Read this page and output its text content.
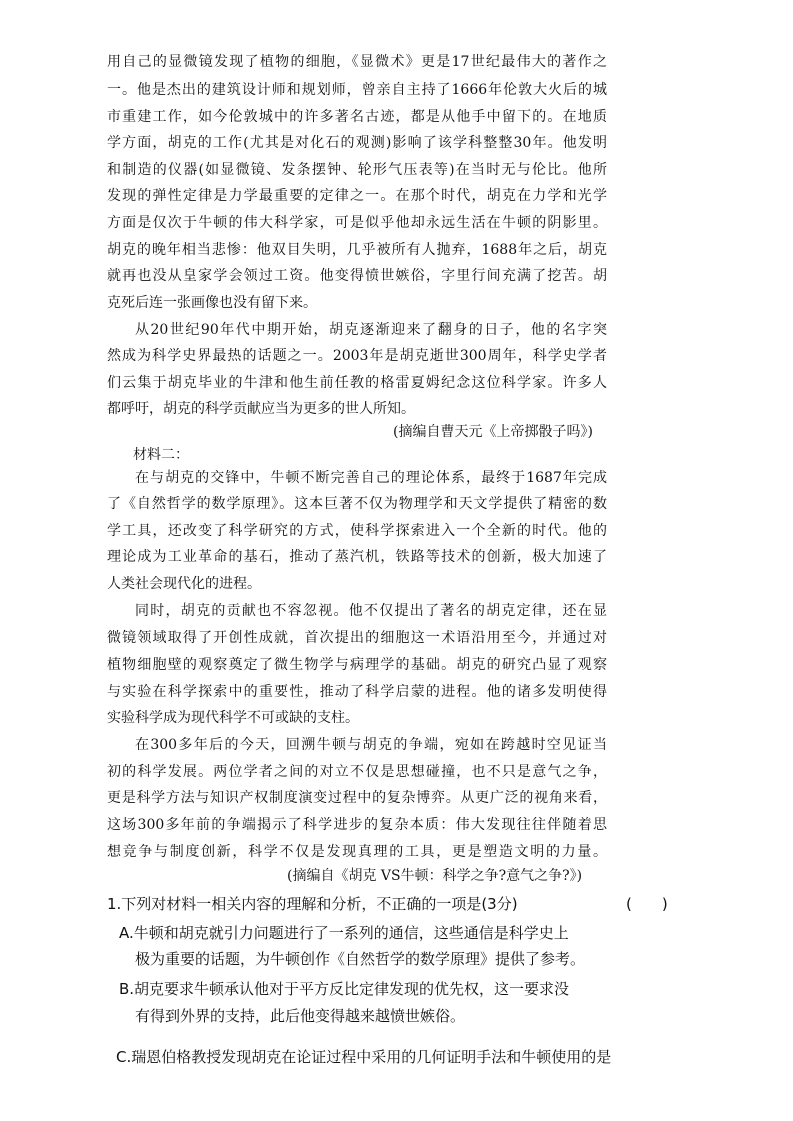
用自己的显微镜发现了植物的细胞，《显微术》更是17世纪最伟大的著作之
一。他是杰出的建筑设计师和规划师，曾亲自主持了1666年伦敦大火后的城
市重建工作，如今伦敦城中的许多著名古迹，都是从他手中留下的。在地质
学方面，胡克的工作(尤其是对化石的观测)影响了该学科整整30年。他发明
和制造的仪器(如显微镜、发条摆钟、轮形气压表等)在当时无与伦比。他所
发现的弹性定律是力学最重要的定律之一。在那个时代，胡克在力学和光学
方面是仅次于牛顿的伟大科学家，可是似乎他却永远生活在牛顿的阴影里。
胡克的晚年相当悲惨：他双目失明，几乎被所有人抛弃，1688年之后，胡克
就再也没从皇家学会领过工资。他变得愤世嫉俗，字里行间充满了挖苦。胡
克死后连一张画像也没有留下来。
从20世纪90年代中期开始，胡克逐渐迎来了翻身的日子，他的名字突
然成为科学史界最热的话题之一。2003年是胡克逝世300周年，科学史学者
们云集于胡克毕业的牛津和他生前任教的格雷夏姆纪念这位科学家。许多人
都呼吁，胡克的科学贡献应当为更多的世人所知。
(摘编自曹天元《上帝掷骰子吗》)
材料二：
在与胡克的交锋中，牛顿不断完善自己的理论体系，最终于1687年完成
了《自然哲学的数学原理》。这本巨著不仅为物理学和天文学提供了精密的数
学工具，还改变了科学研究的方式，使科学探索进入一个全新的时代。他的
理论成为工业革命的基石，推动了蒸汽机，铁路等技术的创新，极大加速了
人类社会现代化的进程。
同时，胡克的贡献也不容忽视。他不仅提出了著名的胡克定律，还在显
微镜领域取得了开创性成就，首次提出的细胞这一术语沿用至今，并通过对
植物细胞壁的观察奠定了微生物学与病理学的基础。胡克的研究凸显了观察
与实验在科学探索中的重要性，推动了科学启蒙的进程。他的诸多发明使得
实验科学成为现代科学不可或缺的支柱。
在300多年后的今天，回溯牛顿与胡克的争端，宛如在跨越时空见证当
初的科学发展。两位学者之间的对立不仅是思想碰撞，也不只是意气之争，
更是科学方法与知识产权制度演变过程中的复杂博弈。从更广泛的视角来看，
这场300多年前的争端揭示了科学进步的复杂本质：伟大发现往往伴随着思
想竞争与制度创新，科学不仅是发现真理的工具，更是塑造文明的力量。
(摘编自《胡克 VS牛顿：科学之争?意气之争?》)
1.下列对材料一相关内容的理解和分析，不正确的一项是(3分)	(　　)
A.牛顿和胡克就引力问题进行了一系列的通信，这些通信是科学史上
极为重要的话题，为牛顿创作《自然哲学的数学原理》提供了参考。
B.胡克要求牛顿承认他对于平方反比定律发现的优先权，这一要求没
有得到外界的支持，此后他变得越来越愤世嫉俗。
C.瑞恩伯格教授发现胡克在论证过程中采用的几何证明手法和牛顿使用的是
